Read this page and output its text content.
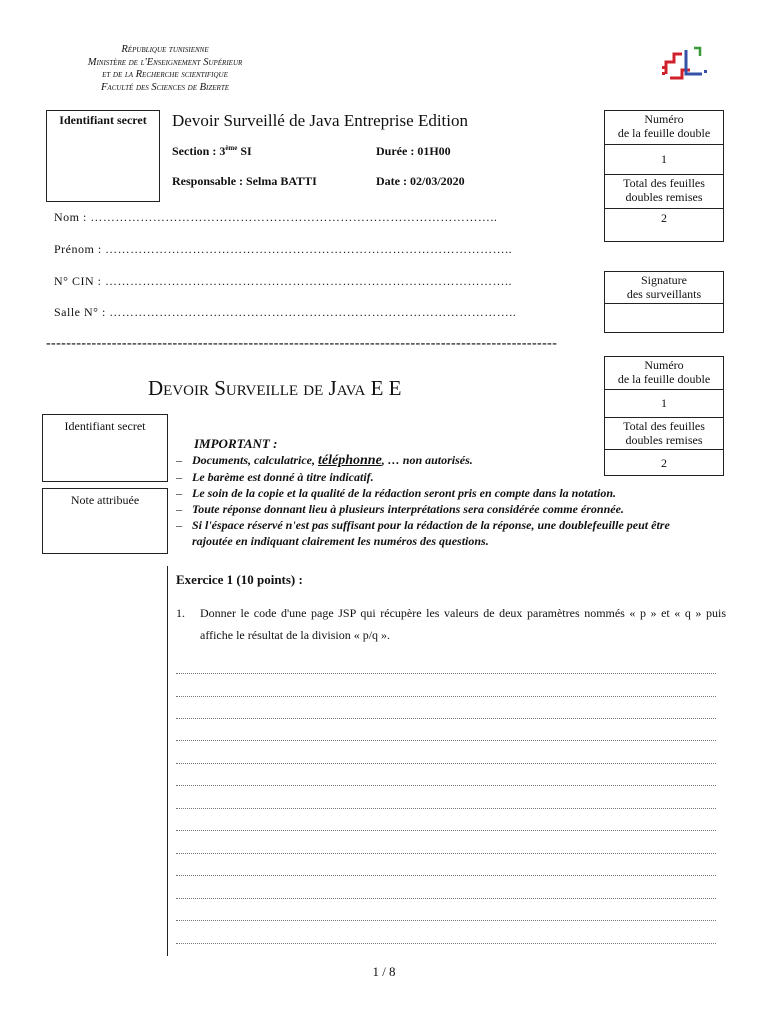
République tunisienne
Ministère de l'Enseignement Supérieur
et de la Recherche scientifique
Faculté des Sciences de Bizerte
Identifiant secret	Devoir Surveillé de Java Entreprise Edition
Section : 3ème SI	Durée : 01H00
Responsable : Selma BATTI	Date : 02/03/2020
Nom : ……………………………………………………………………………………..
Prénom : ……………………………………………………………………………………..
N° CIN : ……………………………………………………………………………………..
Salle N° : ……………………………………………………………………………………..
Numéro
de la feuille double
1
Total des feuilles
doubles remises
2
Signature
des surveillants
-----------------------------------------------------------------------------------------------------
Devoir Surveille de Java E E
Numéro
de la feuille double
1
Total des feuilles
doubles remises
2
Identifiant secret
Note attribuée
IMPORTANT :
– Documents, calculatrice, téléphonne, … non autorisés.
– Le barème est donné à titre indicatif.
– Le soin de la copie et la qualité de la rédaction seront pris en compte dans la notation.
– Toute réponse donnant lieu à plusieurs interprétations sera considérée comme éronnée.
– Si l'éspace réservé n'est pas suffisant pour la rédaction de la réponse, une doublefeuille peut être rajoutée en indiquant clairement les numéros des questions.
Exercice 1 (10 points) :
1.	Donner le code d'une page JSP qui récupère les valeurs de deux paramètres nommés « p » et « q » puis affiche le résultat de la division « p/q ».
1 / 8
